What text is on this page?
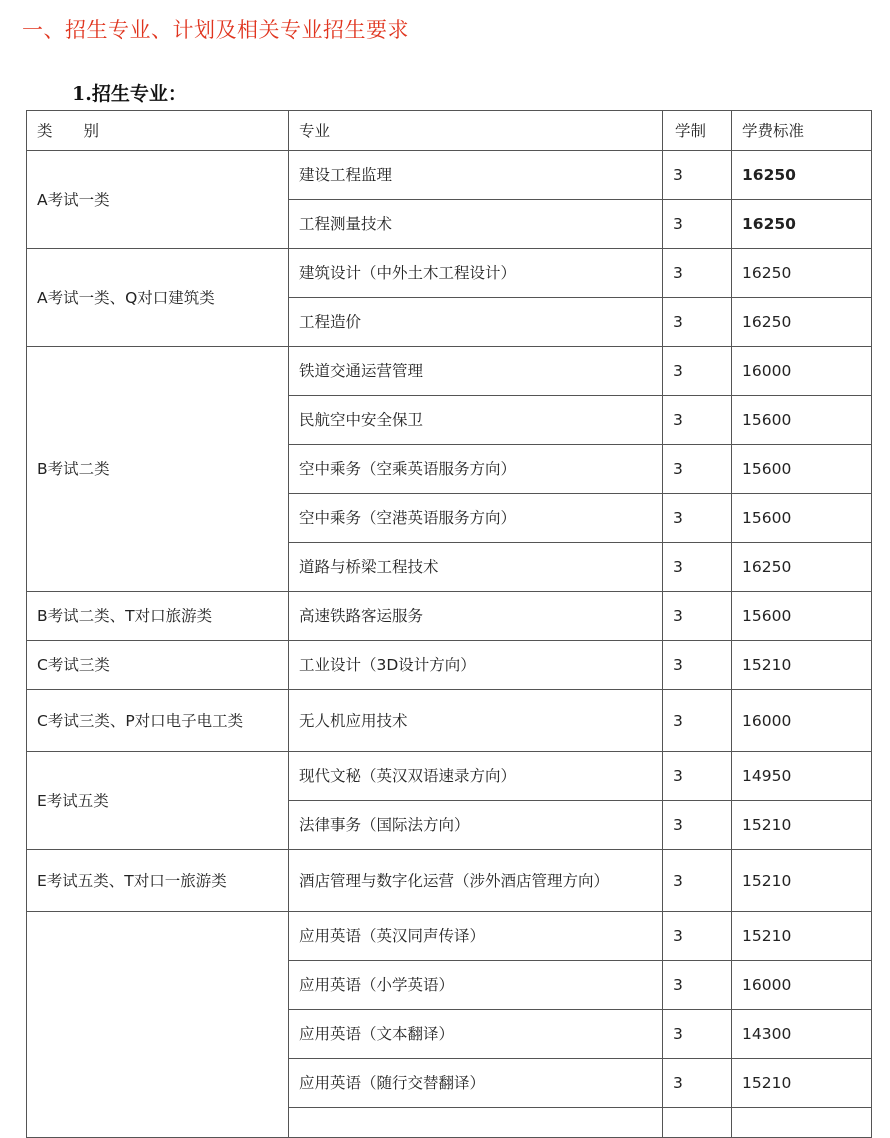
一、招生专业、计划及相关专业招生要求
1.招生专业：
类　　别	专业	学制	学费标准
A考试一类	建设工程监理	3	16250
	工程测量技术	3	16250
A考试一类、Q对口建筑类	建筑设计（中外土木工程设计）	3	16250
	工程造价	3	16250
B考试二类	铁道交通运营管理	3	16000
	民航空中安全保卫	3	15600
	空中乘务（空乘英语服务方向）	3	15600
	空中乘务（空港英语服务方向）	3	15600
	道路与桥梁工程技术	3	16250
B考试二类、T对口旅游类	高速铁路客运服务	3	15600
C考试三类	工业设计（3D设计方向）	3	15210
C考试三类、P对口电子电工类	无人机应用技术	3	16000
E考试五类	现代文秘（英汉双语速录方向）	3	14950
	法律事务（国际法方向）	3	15210
E考试五类、T对口一旅游类	酒店管理与数字化运营（涉外酒店管理方向）	3	15210
	应用英语（英汉同声传译）	3	15210
	应用英语（小学英语）	3	16000
	应用英语（文本翻译）	3	14300
	应用英语（随行交替翻译）	3	15210
